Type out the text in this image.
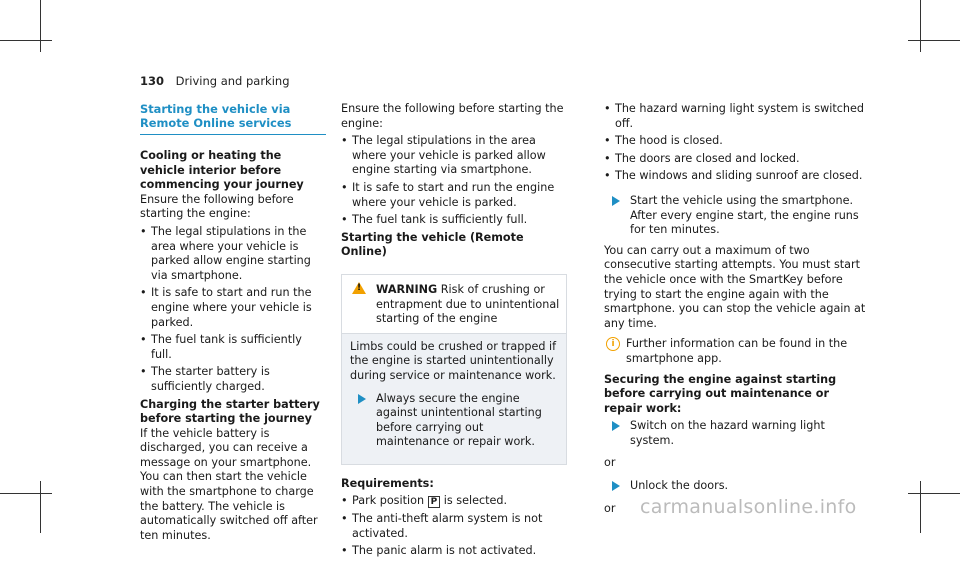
130 Driving and parking
Starting the vehicle via Remote Online services

Cooling or heating the vehicle interior before commencing your journey

Ensure the following before starting the engine:

• The legal stipulations in the area where your vehicle is parked allow engine starting via smartphone.
• It is safe to start and run the engine where your vehicle is parked.
• The fuel tank is sufficiently full.
• The starter battery is sufficiently charged.

Charging the starter battery before starting the journey

If the vehicle battery is discharged, you can receive a message on your smartphone. You can then start the vehicle with the smartphone to charge the battery. The vehicle is automatically switched off after ten minutes.

Ensure the following before starting the engine:

• The legal stipulations in the area where your vehicle is parked allow engine starting via smartphone.
• It is safe to start and run the engine where your vehicle is parked.
• The fuel tank is sufficiently full.

Starting the vehicle (Remote Online)

!
WARNING Risk of crushing or entrapment due to unintentional starting of the engine

Limbs could be crushed or trapped if the engine is started unintentionally during service or maintenance work.

Always secure the engine against unintentional starting before carrying out maintenance or repair work.

Requirements:

• Park position P is selected.
• The anti-theft alarm system is not activated.
• The panic alarm is not activated.
• The hazard warning light system is switched off.
• The hood is closed.
• The doors are closed and locked.
• The windows and sliding sunroof are closed.
Start the vehicle using the smartphone. After every engine start, the engine runs for ten minutes.

You can carry out a maximum of two consecutive starting attempts. You must start the vehicle once with the SmartKey before trying to start the engine again with the smartphone. you can stop the vehicle again at any time.

i	Further information can be found in the smartphone app.

Securing the engine against starting before carrying out maintenance or repair work:

Switch on the hazard warning light system.

or

Unlock the doors.

or	carmanualsonline.info
